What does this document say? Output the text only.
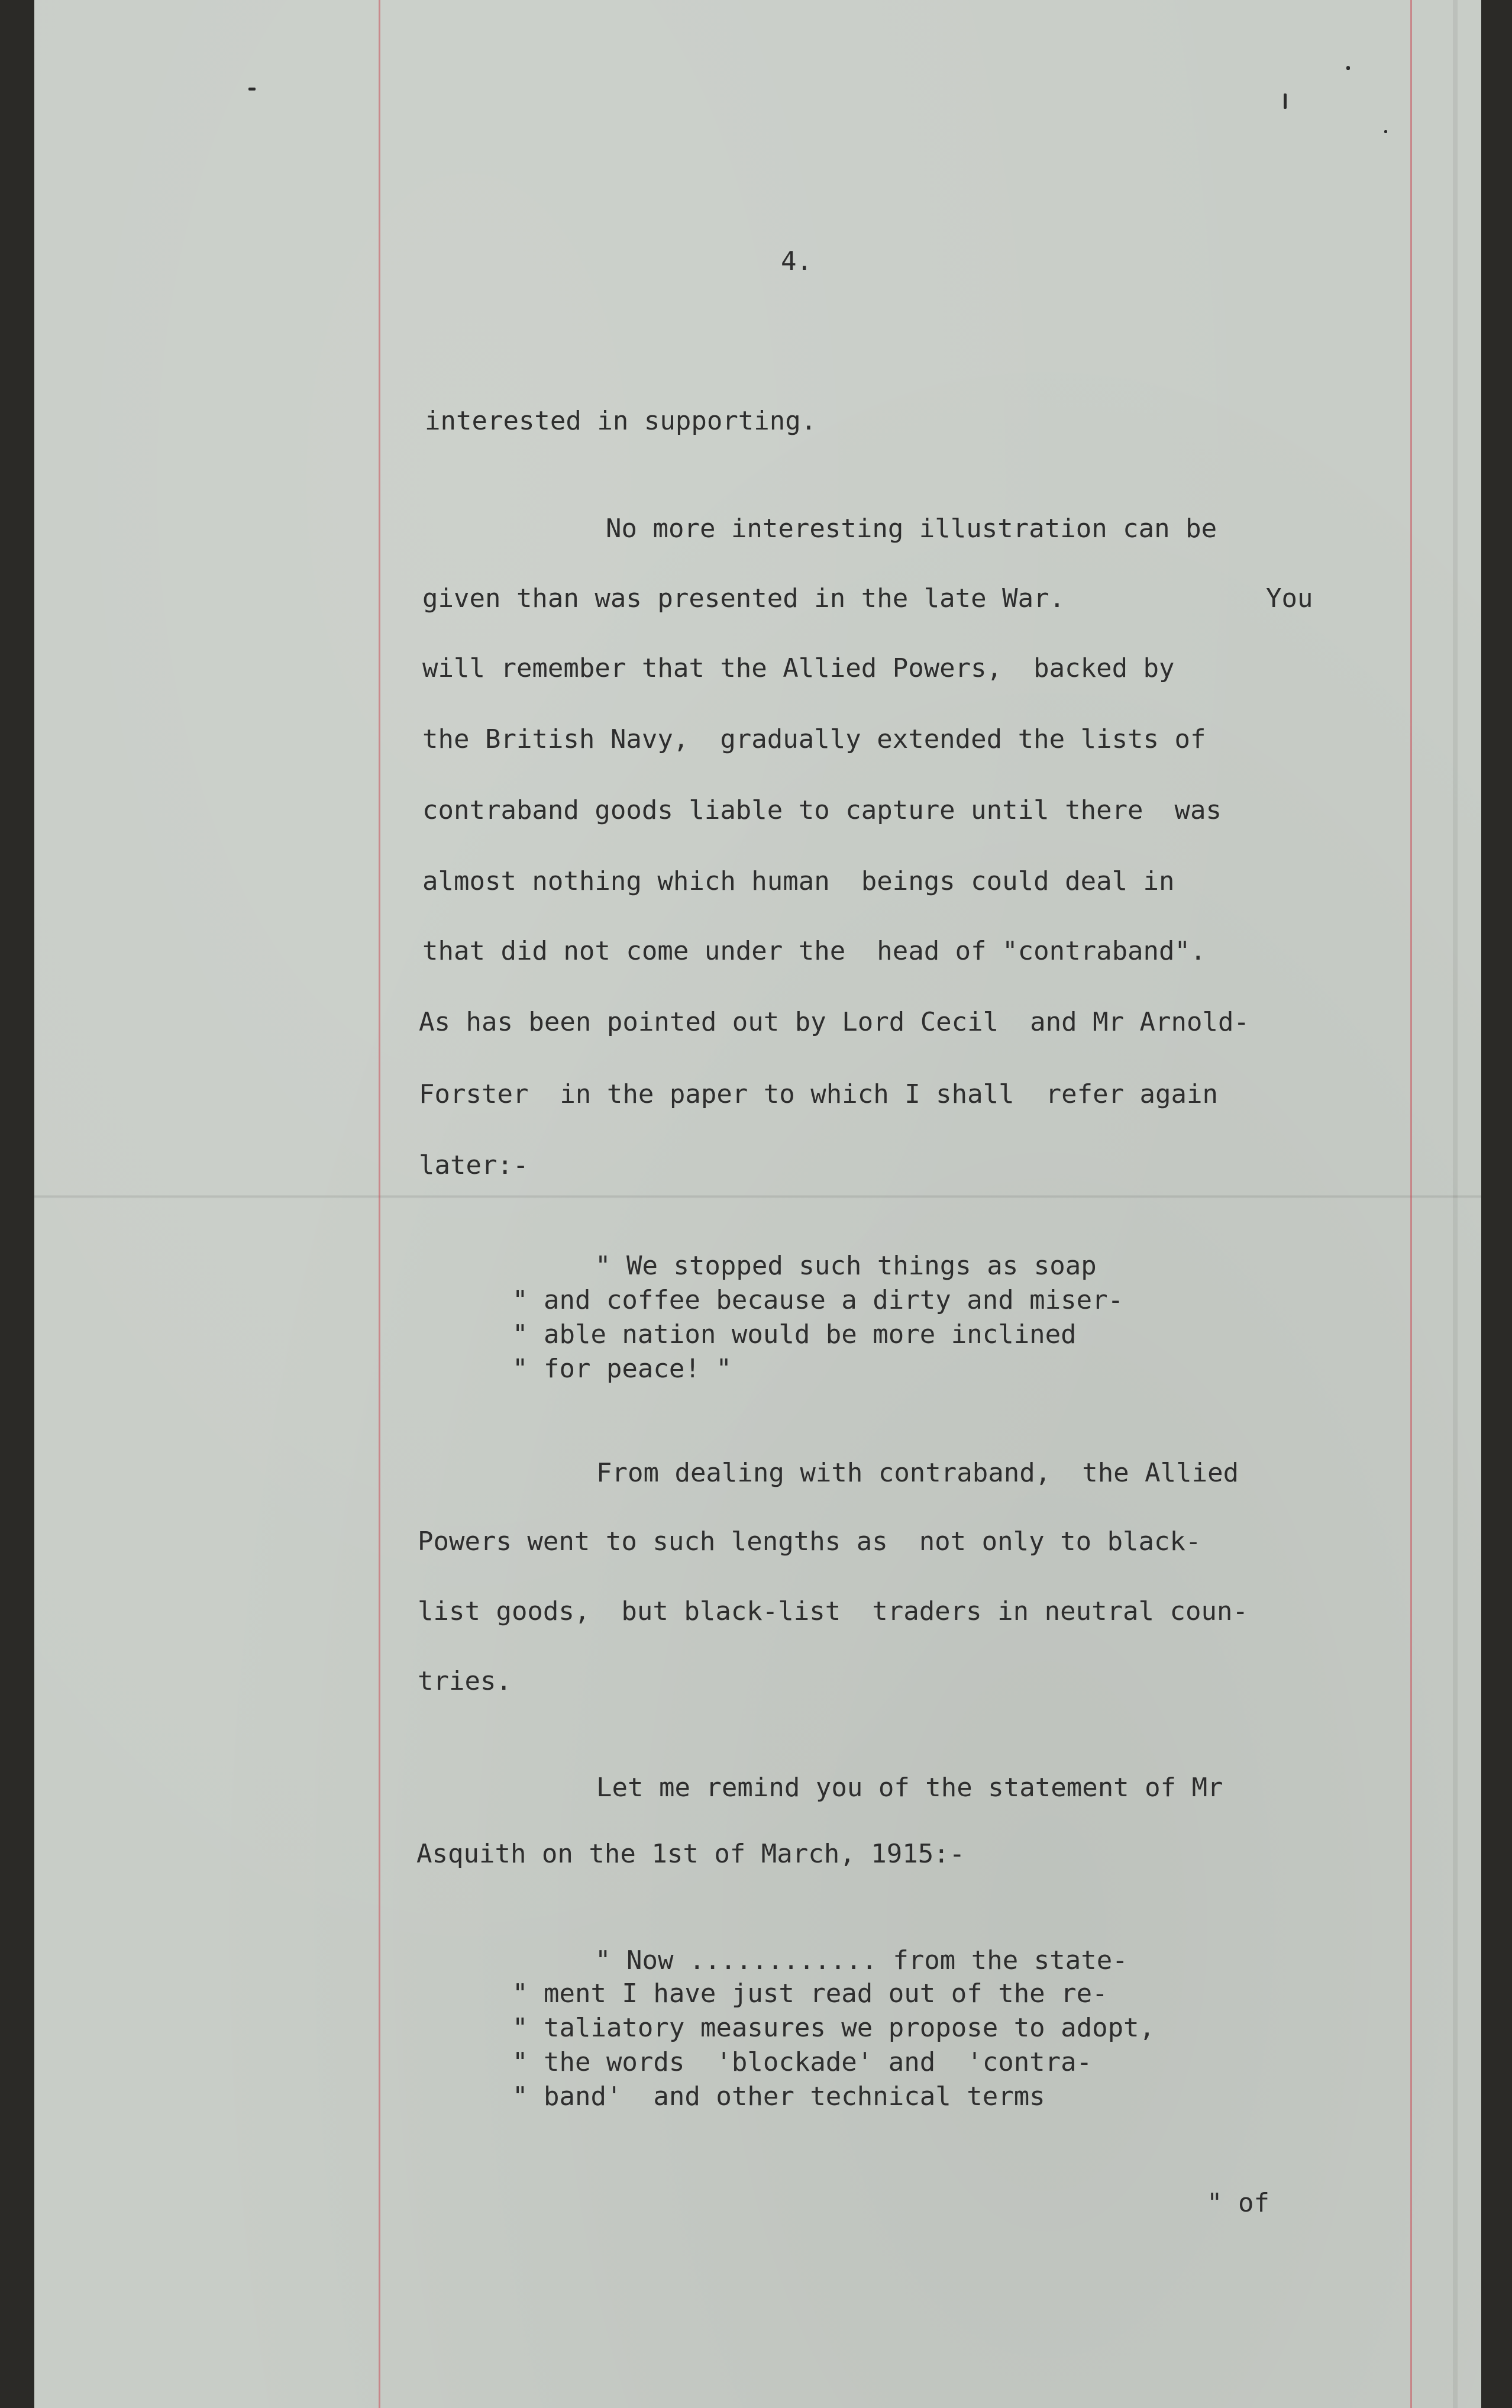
4.
interested in supporting.
No more interesting illustration can be
given than was presented in the late War.	You
will remember that the Allied Powers,  backed by
the British Navy,  gradually extended the lists of
contraband goods liable to capture until there  was
almost nothing which human  beings could deal in
that did not come under the  head of "contraband".
As has been pointed out by Lord Cecil  and Mr Arnold-
Forster  in the paper to which I shall  refer again
later:-
" We stopped such things as soap
" and coffee because a dirty and miser-
" able nation would be more inclined
" for peace! "
From dealing with contraband,  the Allied
Powers went to such lengths as  not only to black-
list goods,  but black-list  traders in neutral coun-
tries.
Let me remind you of the statement of Mr
Asquith on the 1st of March, 1915:-
" Now ............ from the state-
" ment I have just read out of the re-
" taliatory measures we propose to adopt,
" the words  'blockade' and  'contra-
" band'  and other technical terms
" of
